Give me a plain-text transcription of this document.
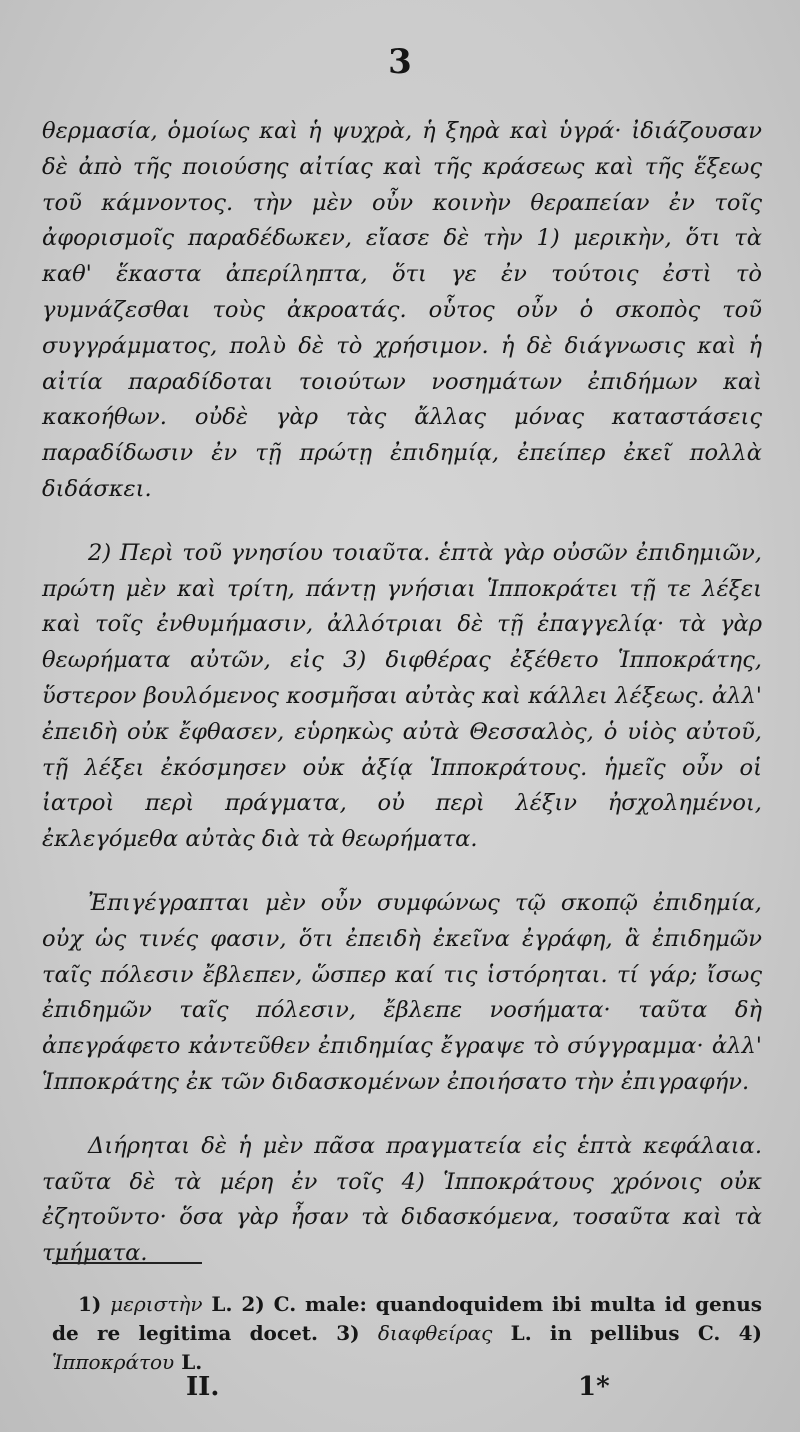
3

θερμασία, ὁμοίως καὶ ἡ ψυχρὰ, ἡ ξηρὰ καὶ ὑγρά· ἰδιάζουσαν δὲ ἀπὸ τῆς ποιούσης αἰτίας καὶ τῆς κράσεως καὶ τῆς ἕξεως τοῦ κάμνοντος. τὴν μὲν οὖν κοινὴν θεραπείαν ἐν τοῖς ἀφορισμοῖς παραδέδωκεν, εἴασε δὲ τὴν 1) μερικὴν, ὅτι τὰ καθ' ἕκαστα ἀπερίληπτα, ὅτι γε ἐν τούτοις ἐστὶ τὸ γυμνάζεσθαι τοὺς ἀκροατάς. οὗτος οὖν ὁ σκοπὸς τοῦ συγγράμματος, πολὺ δὲ τὸ χρήσιμον. ἡ δὲ διάγνωσις καὶ ἡ αἰτία παραδίδοται τοιούτων νοσημάτων ἐπιδήμων καὶ κακοήθων. οὐδὲ γὰρ τὰς ἄλλας μόνας καταστάσεις παραδίδωσιν ἐν τῇ πρώτῃ ἐπιδημίᾳ, ἐπείπερ ἐκεῖ πολλὰ διδάσκει.

2) Περὶ τοῦ γνησίου τοιαῦτα. ἑπτὰ γὰρ οὐσῶν ἐπιδημιῶν, πρώτη μὲν καὶ τρίτη, πάντῃ γνήσιαι Ἱπποκράτει τῇ τε λέξει καὶ τοῖς ἐνθυμήμασιν, ἀλλότριαι δὲ τῇ ἐπαγγελίᾳ· τὰ γὰρ θεωρήματα αὐτῶν, εἰς 3) διφθέρας ἐξέθετο Ἱπποκράτης, ὕστερον βουλόμενος κοσμῆσαι αὐτὰς καὶ κάλλει λέξεως. ἀλλ' ἐπειδὴ οὐκ ἔφθασεν, εὑρηκὼς αὐτὰ Θεσσαλὸς, ὁ υἱὸς αὐτοῦ, τῇ λέξει ἐκόσμησεν οὐκ ἀξίᾳ Ἱπποκράτους. ἡμεῖς οὖν οἱ ἰατροὶ περὶ πράγματα, οὐ περὶ λέξιν ἠσχολημένοι, ἐκλεγόμεθα αὐτὰς διὰ τὰ θεωρήματα.

Ἐπιγέγραπται μὲν οὖν συμφώνως τῷ σκοπῷ ἐπιδημία, οὐχ ὡς τινές φασιν, ὅτι ἐπειδὴ ἐκεῖνα ἐγράφη, ἃ ἐπιδημῶν ταῖς πόλεσιν ἔβλεπεν, ὥσπερ καί τις ἱστόρηται. τί γάρ; ἴσως ἐπιδημῶν ταῖς πόλεσιν, ἔβλεπε νοσήματα· ταῦτα δὴ ἀπεγράφετο κἀντεῦθεν ἐπιδημίας ἔγραψε τὸ σύγγραμμα· ἀλλ' Ἱπποκράτης ἐκ τῶν διδασκομένων ἐποιήσατο τὴν ἐπιγραφήν.

Διήρηται δὲ ἡ μὲν πᾶσα πραγματεία εἰς ἑπτὰ κεφάλαια. ταῦτα δὲ τὰ μέρη ἐν τοῖς 4) Ἱπποκράτους χρόνοις οὐκ ἐζητοῦντο· ὅσα γὰρ ἦσαν τὰ διδασκόμενα, τοσαῦτα καὶ τὰ τμήματα.

1) μεριστὴν L. 2) C. male: quandoquidem ibi multa id genus de re legitima docet. 3) διαφθείρας L. in pellibus C. 4) Ἱπποκράτου L.
II.	1*
